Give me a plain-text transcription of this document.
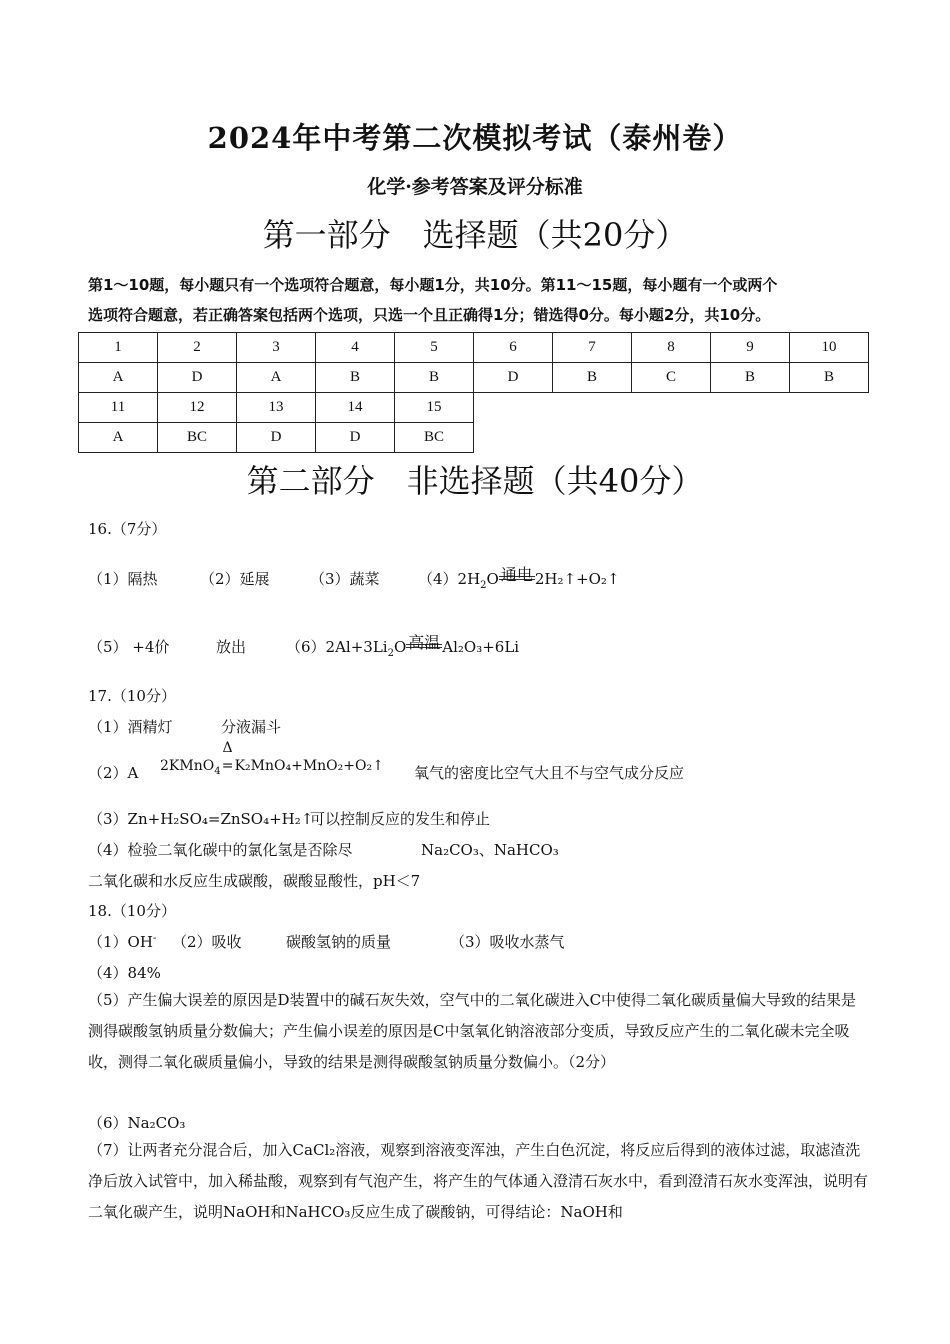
2024年中考第二次模拟考试（泰州卷）
化学·参考答案及评分标准
第一部分　选择题（共20分）
第1～10题，每小题只有一个选项符合题意，每小题1分，共10分。第11～15题，每小题有一个或两个
选项符合题意，若正确答案包括两个选项，只选一个且正确得1分；错选得0分。每小题2分，共10分。
1	2	3	4	5	6	7	8	9	10
A	D	A	B	B	D	B	C	B	B
11	12	13	14	15					
A	BC	D	D	BC					
第二部分　非选择题（共40分）
16.（7分）
（1）隔热	（2）延展	（3）蔬菜	$(4)2H_2O$ 通电 2H₂↑+O₂↑
（5） +4价	放出	$(6)2Al+3Li_2O$ 高温 Al₂O₃+6Li
17.（10分）
（1）酒精灯	分液漏斗
（2）A 2KMnO$_4$
Δ
=K₂MnO₄+MnO₂+O₂↑ 氧气的密度比空气大且不与空气成分反应
（3）Zn+H₂SO₄=ZnSO₄+H₂↑
可以控制反应的发生和停止
（4）检验二氧化碳中的氯化氢是否除尽	Na₂CO₃、NaHCO₃
二氧化碳和水反应生成碳酸，碳酸显酸性，pH＜7
18.（10分）
（1）OH- （2）吸收	碳酸氢钠的质量	（3）吸收水蒸气
（4）84%
（5）产生偏大误差的原因是D装置中的碱石灰失效，空气中的二氧化碳进入C中使得二氧化碳质量偏大导致的结果是测得碳酸氢钠质量分数偏大；产生偏小误差的原因是C中氢氧化钠溶液部分变质，导致反应产生的二氧化碳未完全吸收，测得二氧化碳质量偏小，导致的结果是测得碳酸氢钠质量分数偏小。（2分）
（6）Na₂CO₃
（7）让两者充分混合后，加入CaCl₂溶液，观察到溶液变浑浊，产生白色沉淀，将反应后得到的液体过滤，取滤渣洗净后放入试管中，加入稀盐酸，观察到有气泡产生，将产生的气体通入澄清石灰水中，看到澄清石灰水变浑浊，说明有二氧化碳产生，说明NaOH和NaHCO₃反应生成了碳酸钠，可得结论：NaOH和
